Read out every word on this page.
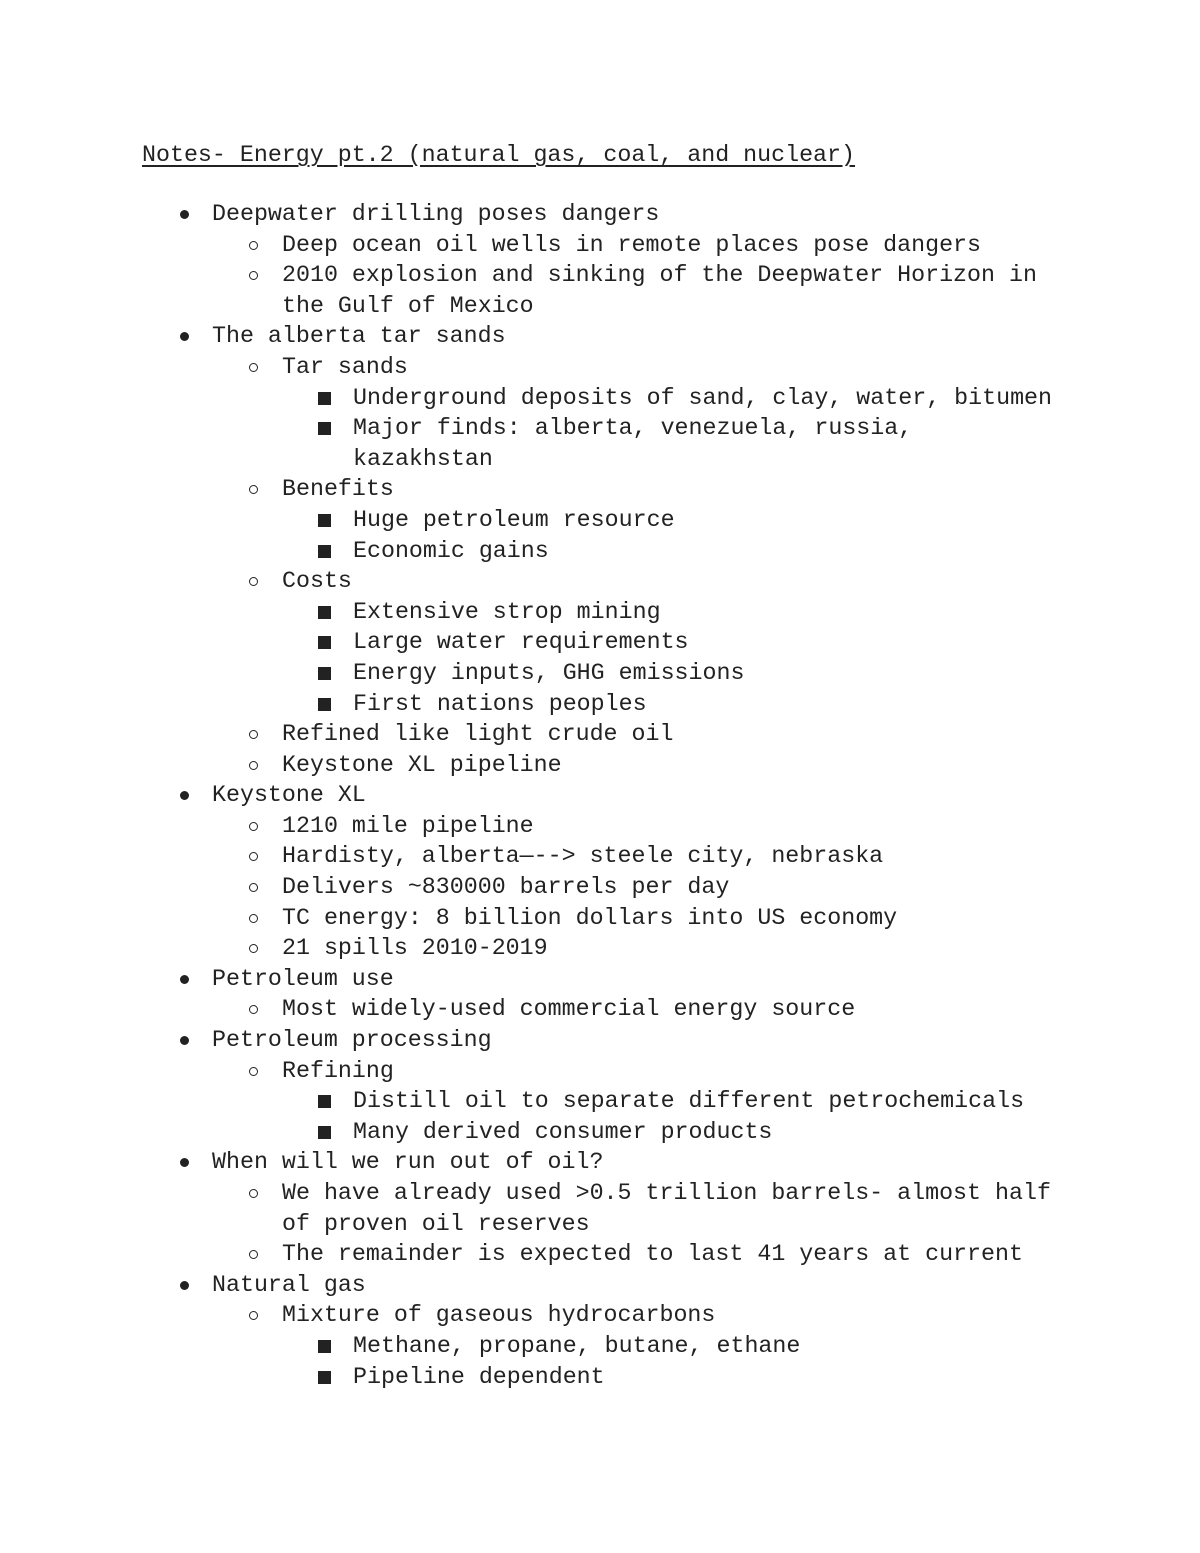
Notes- Energy pt.2 (natural gas, coal, and nuclear)
Deepwater drilling poses dangers
Deep ocean oil wells in remote places pose dangers
2010 explosion and sinking of the Deepwater Horizon in
the Gulf of Mexico
The alberta tar sands
Tar sands
Underground deposits of sand, clay, water, bitumen
Major finds: alberta, venezuela, russia,
kazakhstan
Benefits
Huge petroleum resource
Economic gains
Costs
Extensive strop mining
Large water requirements
Energy inputs, GHG emissions
First nations peoples
Refined like light crude oil
Keystone XL pipeline
Keystone XL
1210 mile pipeline
Hardisty, alberta—--> steele city, nebraska
Delivers ~830000 barrels per day
TC energy: 8 billion dollars into US economy
21 spills 2010-2019
Petroleum use
Most widely-used commercial energy source
Petroleum processing
Refining
Distill oil to separate different petrochemicals
Many derived consumer products
When will we run out of oil?
We have already used >0.5 trillion barrels- almost half
of proven oil reserves
The remainder is expected to last 41 years at current
Natural gas
Mixture of gaseous hydrocarbons
Methane, propane, butane, ethane
Pipeline dependent
